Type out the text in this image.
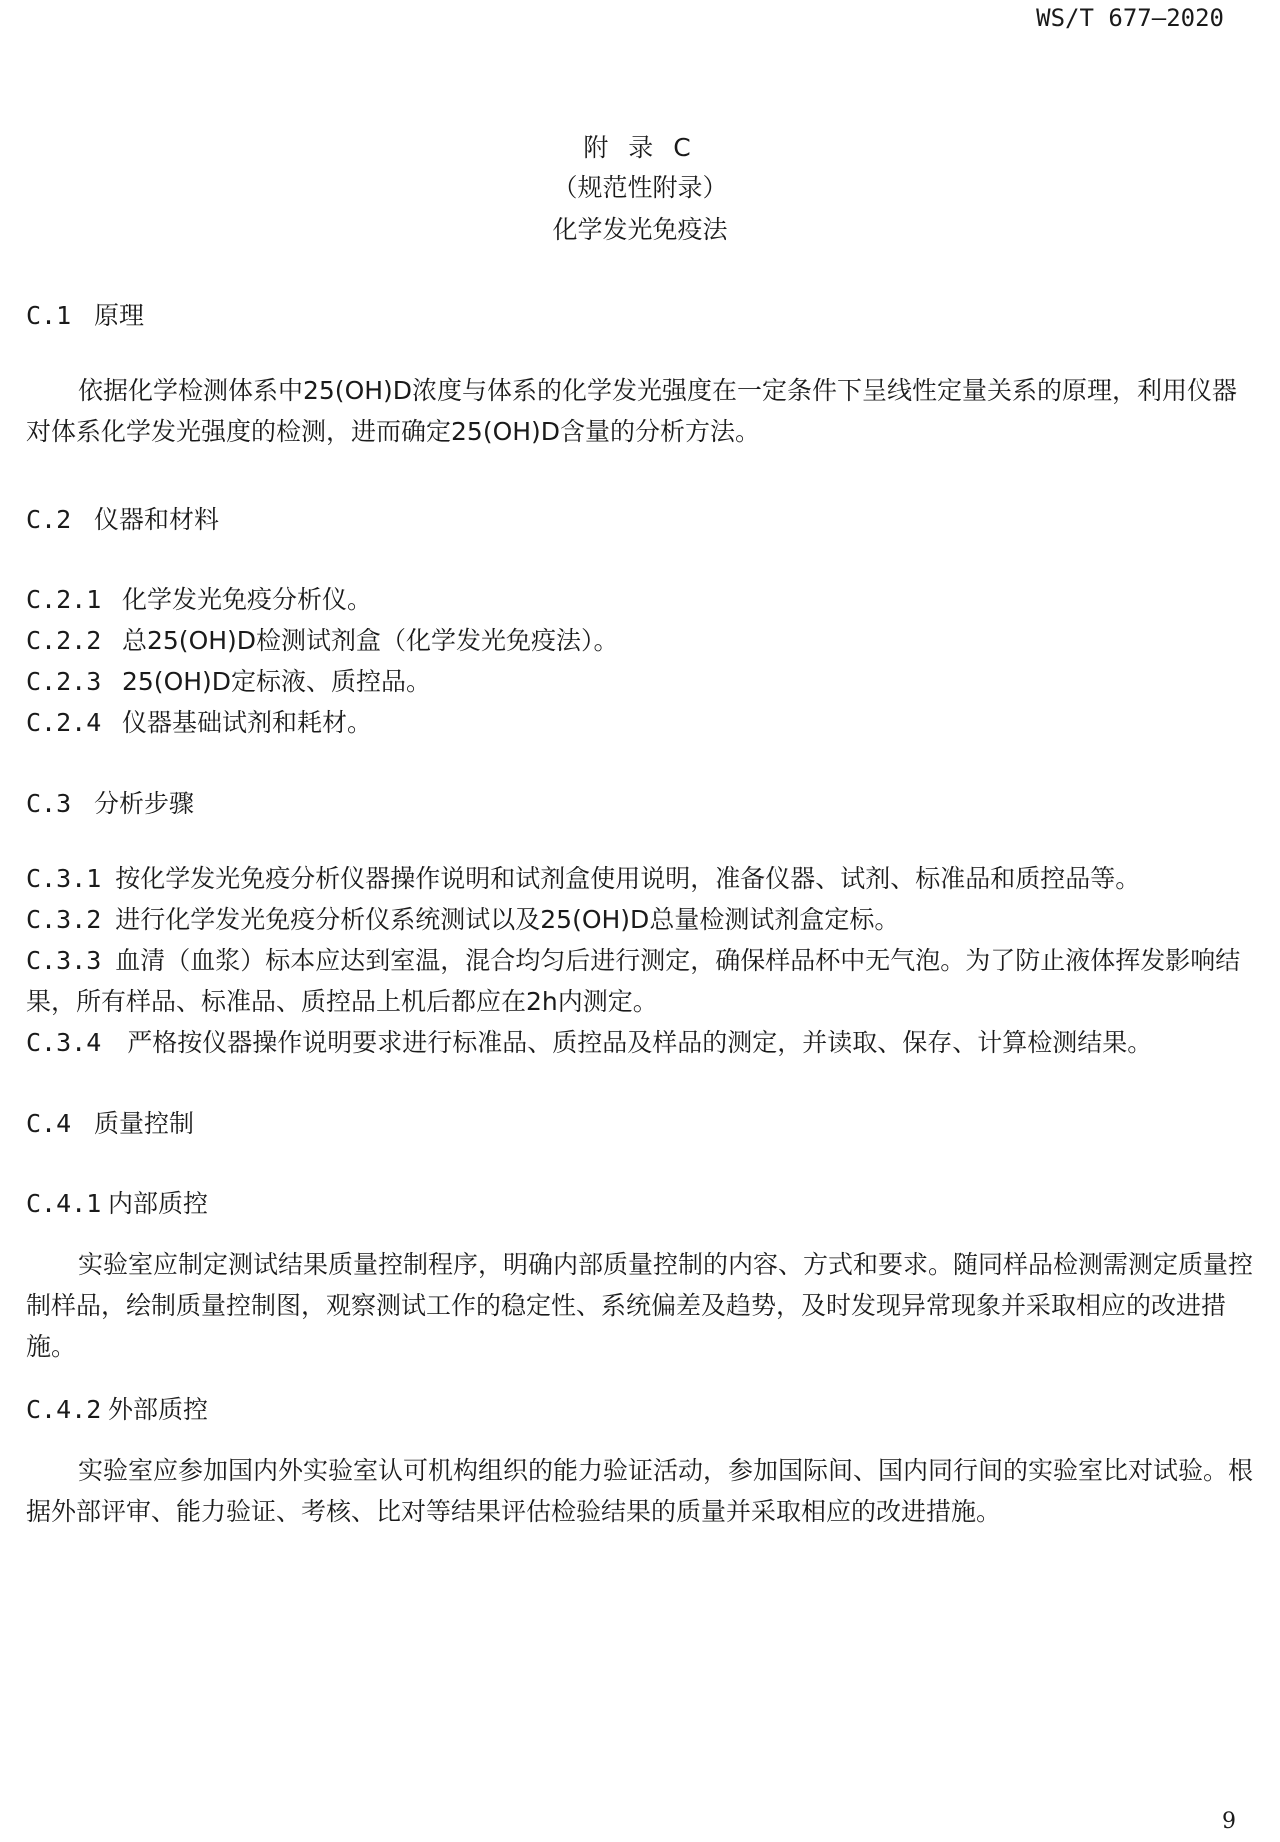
WS/T 677—2020
附 录 C
（规范性附录）
化学发光免疫法
C.1 原理
依据化学检测体系中25(OH)D浓度与体系的化学发光强度在一定条件下呈线性定量关系的原理，利用仪器对体系化学发光强度的检测，进而确定25(OH)D含量的分析方法。
C.2 仪器和材料
C.2.1 化学发光免疫分析仪。
C.2.2 总25(OH)D检测试剂盒（化学发光免疫法）。
C.2.3 25(OH)D定标液、质控品。
C.2.4 仪器基础试剂和耗材。
C.3 分析步骤
C.3.1 按化学发光免疫分析仪器操作说明和试剂盒使用说明，准备仪器、试剂、标准品和质控品等。
C.3.2 进行化学发光免疫分析仪系统测试以及25(OH)D总量检测试剂盒定标。
C.3.3 血清（血浆）标本应达到室温，混合均匀后进行测定，确保样品杯中无气泡。为了防止液体挥发影响结果，所有样品、标准品、质控品上机后都应在2h内测定。
C.3.4 严格按仪器操作说明要求进行标准品、质控品及样品的测定，并读取、保存、计算检测结果。
C.4 质量控制
C.4.1 内部质控
实验室应制定测试结果质量控制程序，明确内部质量控制的内容、方式和要求。随同样品检测需测定质量控制样品，绘制质量控制图，观察测试工作的稳定性、系统偏差及趋势，及时发现异常现象并采取相应的改进措施。
C.4.2 外部质控
实验室应参加国内外实验室认可机构组织的能力验证活动，参加国际间、国内同行间的实验室比对试验。根据外部评审、能力验证、考核、比对等结果评估检验结果的质量并采取相应的改进措施。
9
